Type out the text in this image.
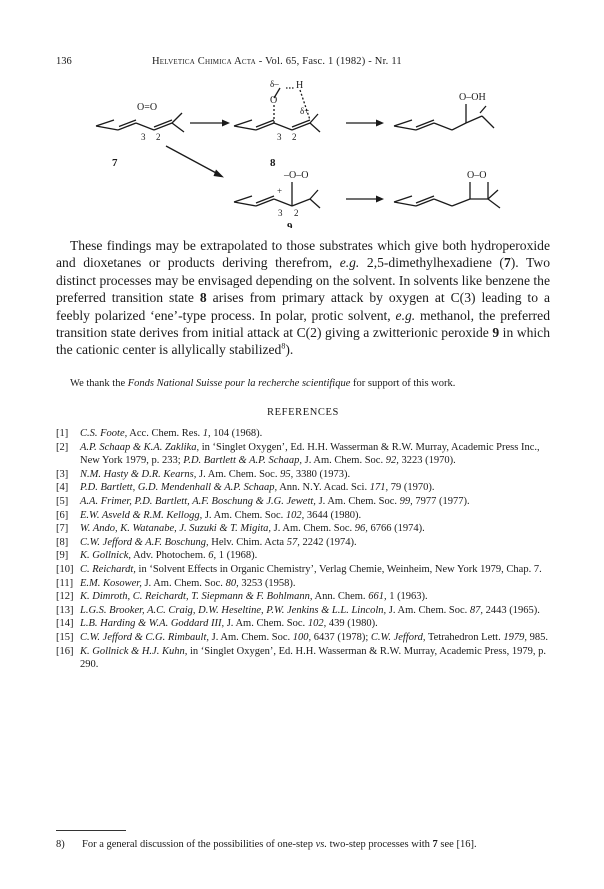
136	Helvetica Chimica Acta - Vol. 65, Fasc. 1 (1982) - Nr. 11
O=O
3 2
7
δ–
O
H
δ+
3 2
8
O–OH
–O–O
+
3 2
9
O–O

These findings may be extrapolated to those substrates which give both hydroperoxide and dioxetanes or products deriving therefrom, e.g. 2,5-dimethylhexadiene (7). Two distinct processes may be envisaged depending on the solvent. In solvents like benzene the preferred transition state 8 arises from primary attack by oxygen at C(3) leading to a feebly polarized ‘ene’-type process. In polar, protic solvent, e.g. methanol, the preferred transition state derives from initial attack at C(2) giving a zwitterionic peroxide 9 in which the cationic center is allylically stabilized$^8$).

We thank the Fonds National Suisse pour la recherche scientifique for support of this work.

REFERENCES
[1] C.S. Foote, Acc. Chem. Res. 1, 104 (1968).
[2] A.P. Schaap & K.A. Zaklika, in ‘Singlet Oxygen’, Ed. H.H. Wasserman & R.W. Murray, Academic Press Inc., New York 1979, p. 233; P.D. Bartlett & A.P. Schaap, J. Am. Chem. Soc. 92, 3223 (1970).
[3] N.M. Hasty & D.R. Kearns, J. Am. Chem. Soc. 95, 3380 (1973).
[4] P.D. Bartlett, G.D. Mendenhall & A.P. Schaap, Ann. N.Y. Acad. Sci. 171, 79 (1970).
[5] A.A. Frimer, P.D. Bartlett, A.F. Boschung & J.G. Jewett, J. Am. Chem. Soc. 99, 7977 (1977).
[6] E.W. Asveld & R.M. Kellogg, J. Am. Chem. Soc. 102, 3644 (1980).
[7] W. Ando, K. Watanabe, J. Suzuki & T. Migita, J. Am. Chem. Soc. 96, 6766 (1974).
[8] C.W. Jefford & A.F. Boschung, Helv. Chim. Acta 57, 2242 (1974).
[9] K. Gollnick, Adv. Photochem. 6, 1 (1968).
[10] C. Reichardt, in ‘Solvent Effects in Organic Chemistry’, Verlag Chemie, Weinheim, New York 1979, Chap. 7.
[11] E.M. Kosower, J. Am. Chem. Soc. 80, 3253 (1958).
[12] K. Dimroth, C. Reichardt, T. Siepmann & F. Bohlmann, Ann. Chem. 661, 1 (1963).
[13] L.G.S. Brooker, A.C. Craig, D.W. Heseltine, P.W. Jenkins & L.L. Lincoln, J. Am. Chem. Soc. 87, 2443 (1965).
[14] L.B. Harding & W.A. Goddard III, J. Am. Chem. Soc. 102, 439 (1980).
[15] C.W. Jefford & C.G. Rimbault, J. Am. Chem. Soc. 100, 6437 (1978); C.W. Jefford, Tetrahedron Lett. 1979, 985.
[16] K. Gollnick & H.J. Kuhn, in ‘Singlet Oxygen’, Ed. H.H. Wasserman & R.W. Murray, Academic Press, 1979, p. 290.

8) For a general discussion of the possibilities of one-step vs. two-step processes with 7 see [16].
